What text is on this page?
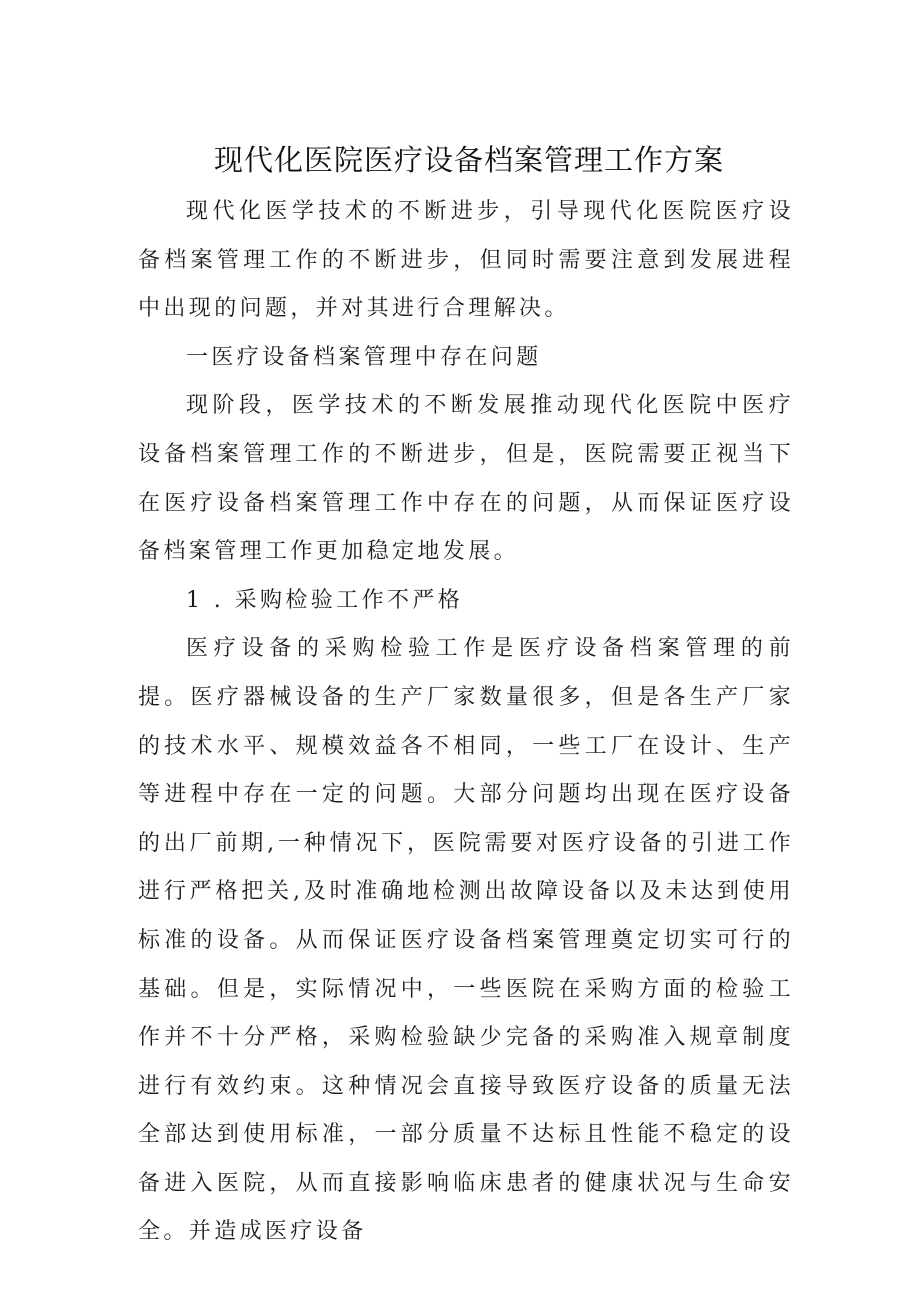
现代化医院医疗设备档案管理工作方案

现代化医学技术的不断进步，引导现代化医院医疗设备档案管理工作的不断进步，但同时需要注意到发展进程中出现的问题，并对其进行合理解决。

一医疗设备档案管理中存在问题

现阶段，医学技术的不断发展推动现代化医院中医疗设备档案管理工作的不断进步，但是，医院需要正视当下在医疗设备档案管理工作中存在的问题，从而保证医疗设备档案管理工作更加稳定地发展。

1 . 采购检验工作不严格

医疗设备的采购检验工作是医疗设备档案管理的前提。医疗器械设备的生产厂家数量很多，但是各生产厂家的技术水平、规模效益各不相同，一些工厂在设计、生产等进程中存在一定的问题。大部分问题均出现在医疗设备的出厂前期,一种情况下，医院需要对医疗设备的引进工作进行严格把关,及时准确地检测出故障设备以及未达到使用标准的设备。从而保证医疗设备档案管理奠定切实可行的基础。但是，实际情况中，一些医院在采购方面的检验工作并不十分严格，采购检验缺少完备的采购准入规章制度进行有效约束。这种情况会直接导致医疗设备的质量无法全部达到使用标准，一部分质量不达标且性能不稳定的设备进入医院，从而直接影响临床患者的健康状况与生命安全。并造成医疗设备
